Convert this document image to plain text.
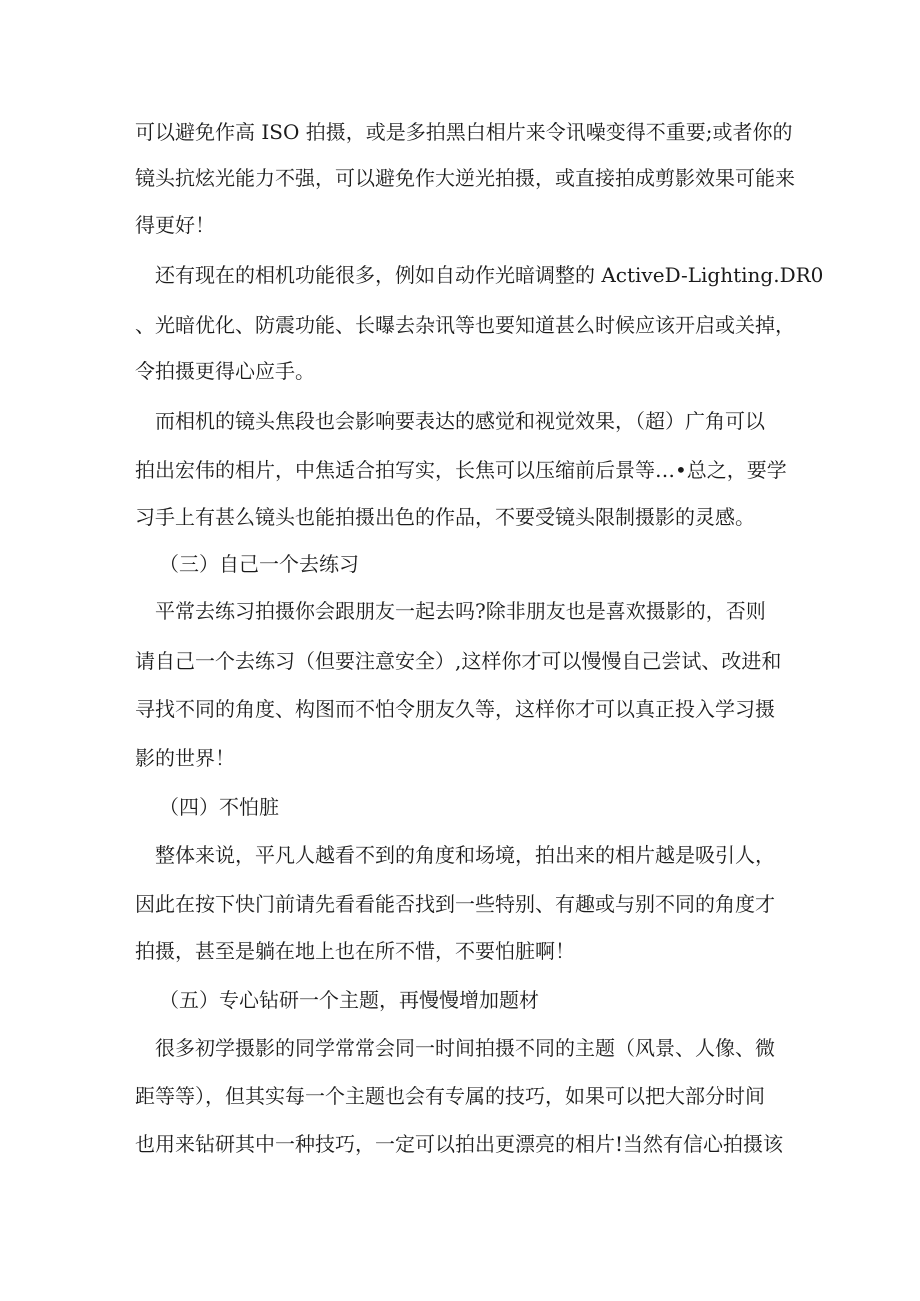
可以避免作高 ISO 拍摄，或是多拍黑白相片来令讯噪变得不重要;或者你的
镜头抗炫光能力不强，可以避免作大逆光拍摄，或直接拍成剪影效果可能来
得更好！
还有现在的相机功能很多，例如自动作光暗调整的 ActiveD-Lighting.DR0
、光暗优化、防震功能、长曝去杂讯等也要知道甚么时候应该开启或关掉，
令拍摄更得心应手。
而相机的镜头焦段也会影响要表达的感觉和视觉效果，（超）广角可以
拍出宏伟的相片，中焦适合拍写实，长焦可以压缩前后景等…•总之，要学
习手上有甚么镜头也能拍摄出色的作品，不要受镜头限制摄影的灵感。
（三）自己一个去练习
平常去练习拍摄你会跟朋友一起去吗?除非朋友也是喜欢摄影的，否则
请自己一个去练习（但要注意安全）,这样你才可以慢慢自己尝试、改进和
寻找不同的角度、构图而不怕令朋友久等，这样你才可以真正投入学习摄
影的世界！
（四）不怕脏
整体来说，平凡人越看不到的角度和场境，拍出来的相片越是吸引人，
因此在按下快门前请先看看能否找到一些特别、有趣或与别不同的角度才
拍摄，甚至是躺在地上也在所不惜，不要怕脏啊！
（五）专心钻研一个主题，再慢慢增加题材
很多初学摄影的同学常常会同一时间拍摄不同的主题（风景、人像、微
距等等），但其实每一个主题也会有专属的技巧，如果可以把大部分时间
也用来钻研其中一种技巧，一定可以拍出更漂亮的相片!当然有信心拍摄该
